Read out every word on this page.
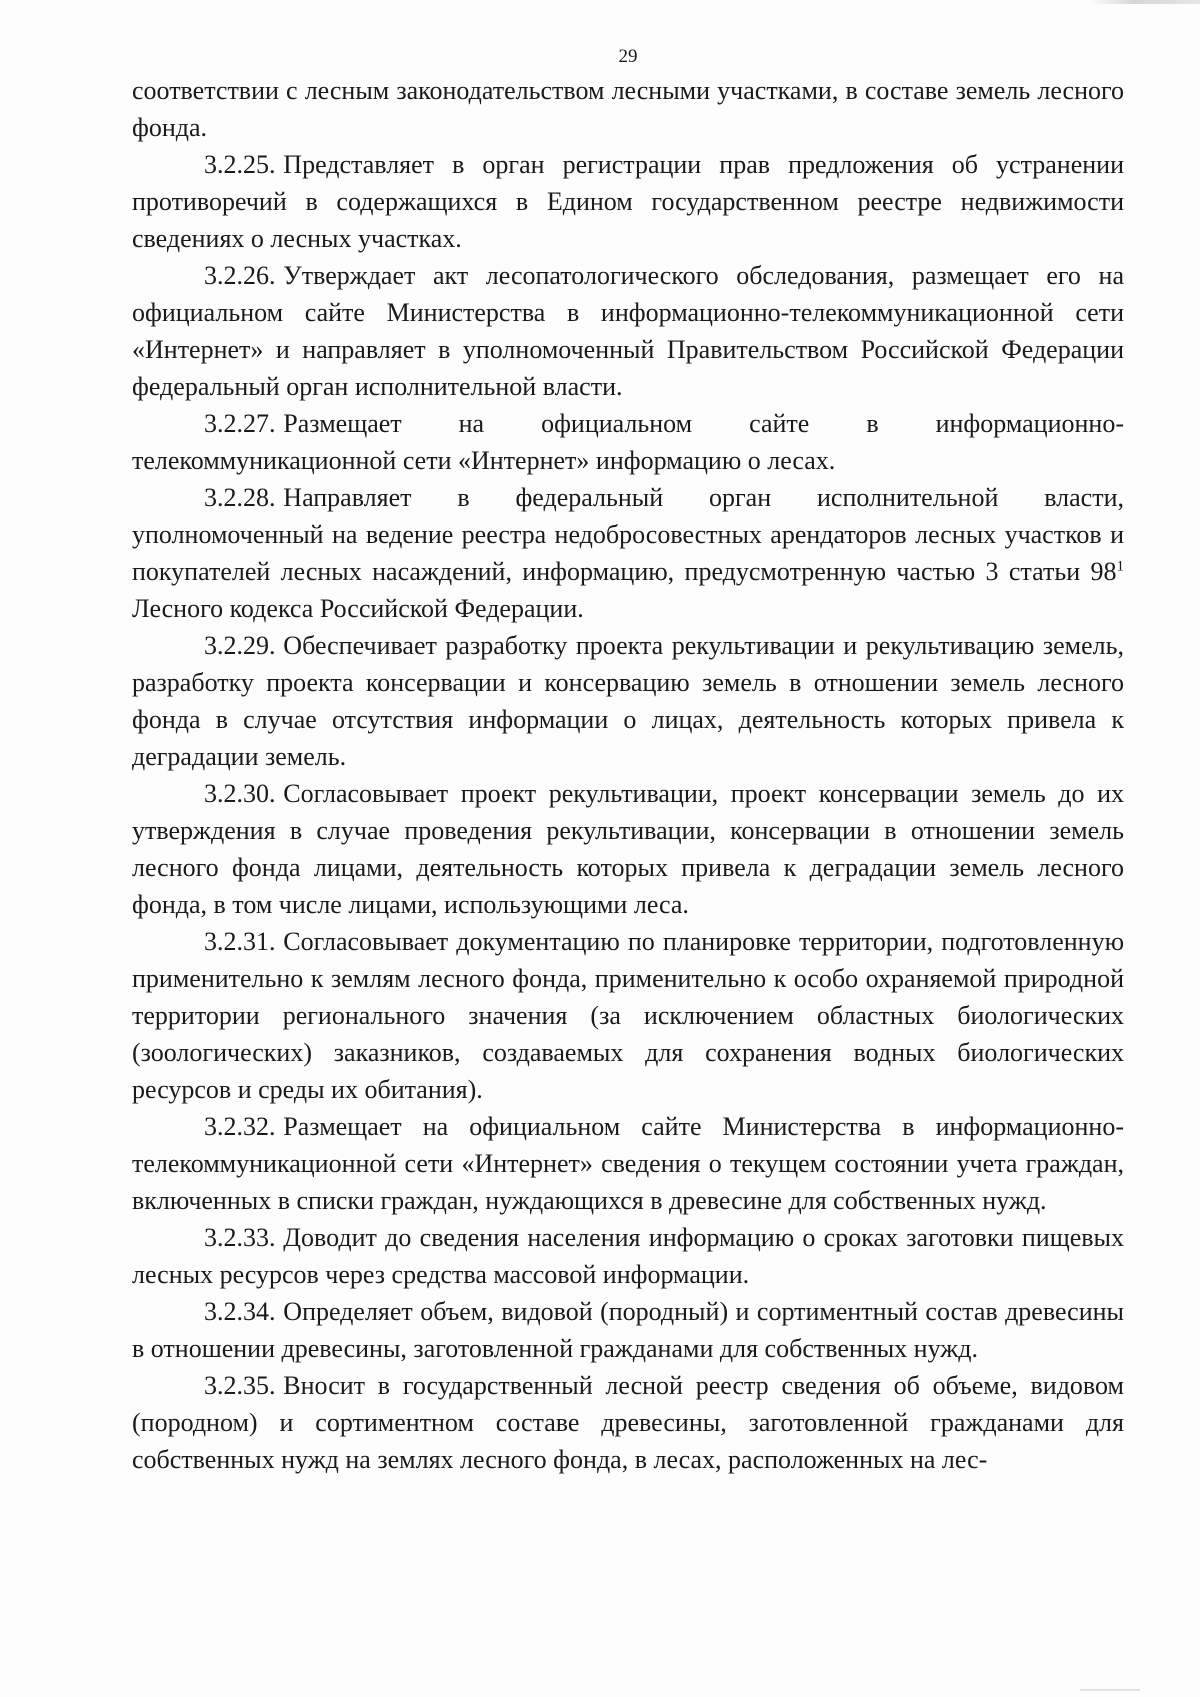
29

соответствии с лесным законодательством лесными участками, в составе земель лесного фонда.

3.2.25. Представляет в орган регистрации прав предложения об устранении противоречий в содержащихся в Едином государственном реестре недвижимости сведениях о лесных участках.

3.2.26. Утверждает акт лесопатологического обследования, размещает его на официальном сайте Министерства в информационно-телекоммуникационной сети «Интернет» и направляет в уполномоченный Правительством Российской Федерации федеральный орган исполнительной власти.

3.2.27. Размещает на официальном сайте в информационно-телекоммуникационной сети «Интернет» информацию о лесах.

3.2.28. Направляет в федеральный орган исполнительной власти, уполномоченный на ведение реестра недобросовестных арендаторов лесных участков и покупателей лесных насаждений, информацию, предусмотренную частью 3 статьи $98^1$ Лесного кодекса Российской Федерации.

3.2.29. Обеспечивает разработку проекта рекультивации и рекультивацию земель, разработку проекта консервации и консервацию земель в отношении земель лесного фонда в случае отсутствия информации о лицах, деятельность которых привела к деградации земель.

3.2.30. Согласовывает проект рекультивации, проект консервации земель до их утверждения в случае проведения рекультивации, консервации в отношении земель лесного фонда лицами, деятельность которых привела к деградации земель лесного фонда, в том числе лицами, использующими леса.

3.2.31. Согласовывает документацию по планировке территории, подготовленную применительно к землям лесного фонда, применительно к особо охраняемой природной территории регионального значения (за исключением областных биологических (зоологических) заказников, создаваемых для сохранения водных биологических ресурсов и среды их обитания).

3.2.32. Размещает на официальном сайте Министерства в информационно-телекоммуникационной сети «Интернет» сведения о текущем состоянии учета граждан, включенных в списки граждан, нуждающихся в древесине для собственных нужд.

3.2.33. Доводит до сведения населения информацию о сроках заготовки пищевых лесных ресурсов через средства массовой информации.

3.2.34. Определяет объем, видовой (породный) и сортиментный состав древесины в отношении древесины, заготовленной гражданами для собственных нужд.

3.2.35. Вносит в государственный лесной реестр сведения об объеме, видовом (породном) и сортиментном составе древесины, заготовленной гражданами для собственных нужд на землях лесного фонда, в лесах, расположенных на лес-
